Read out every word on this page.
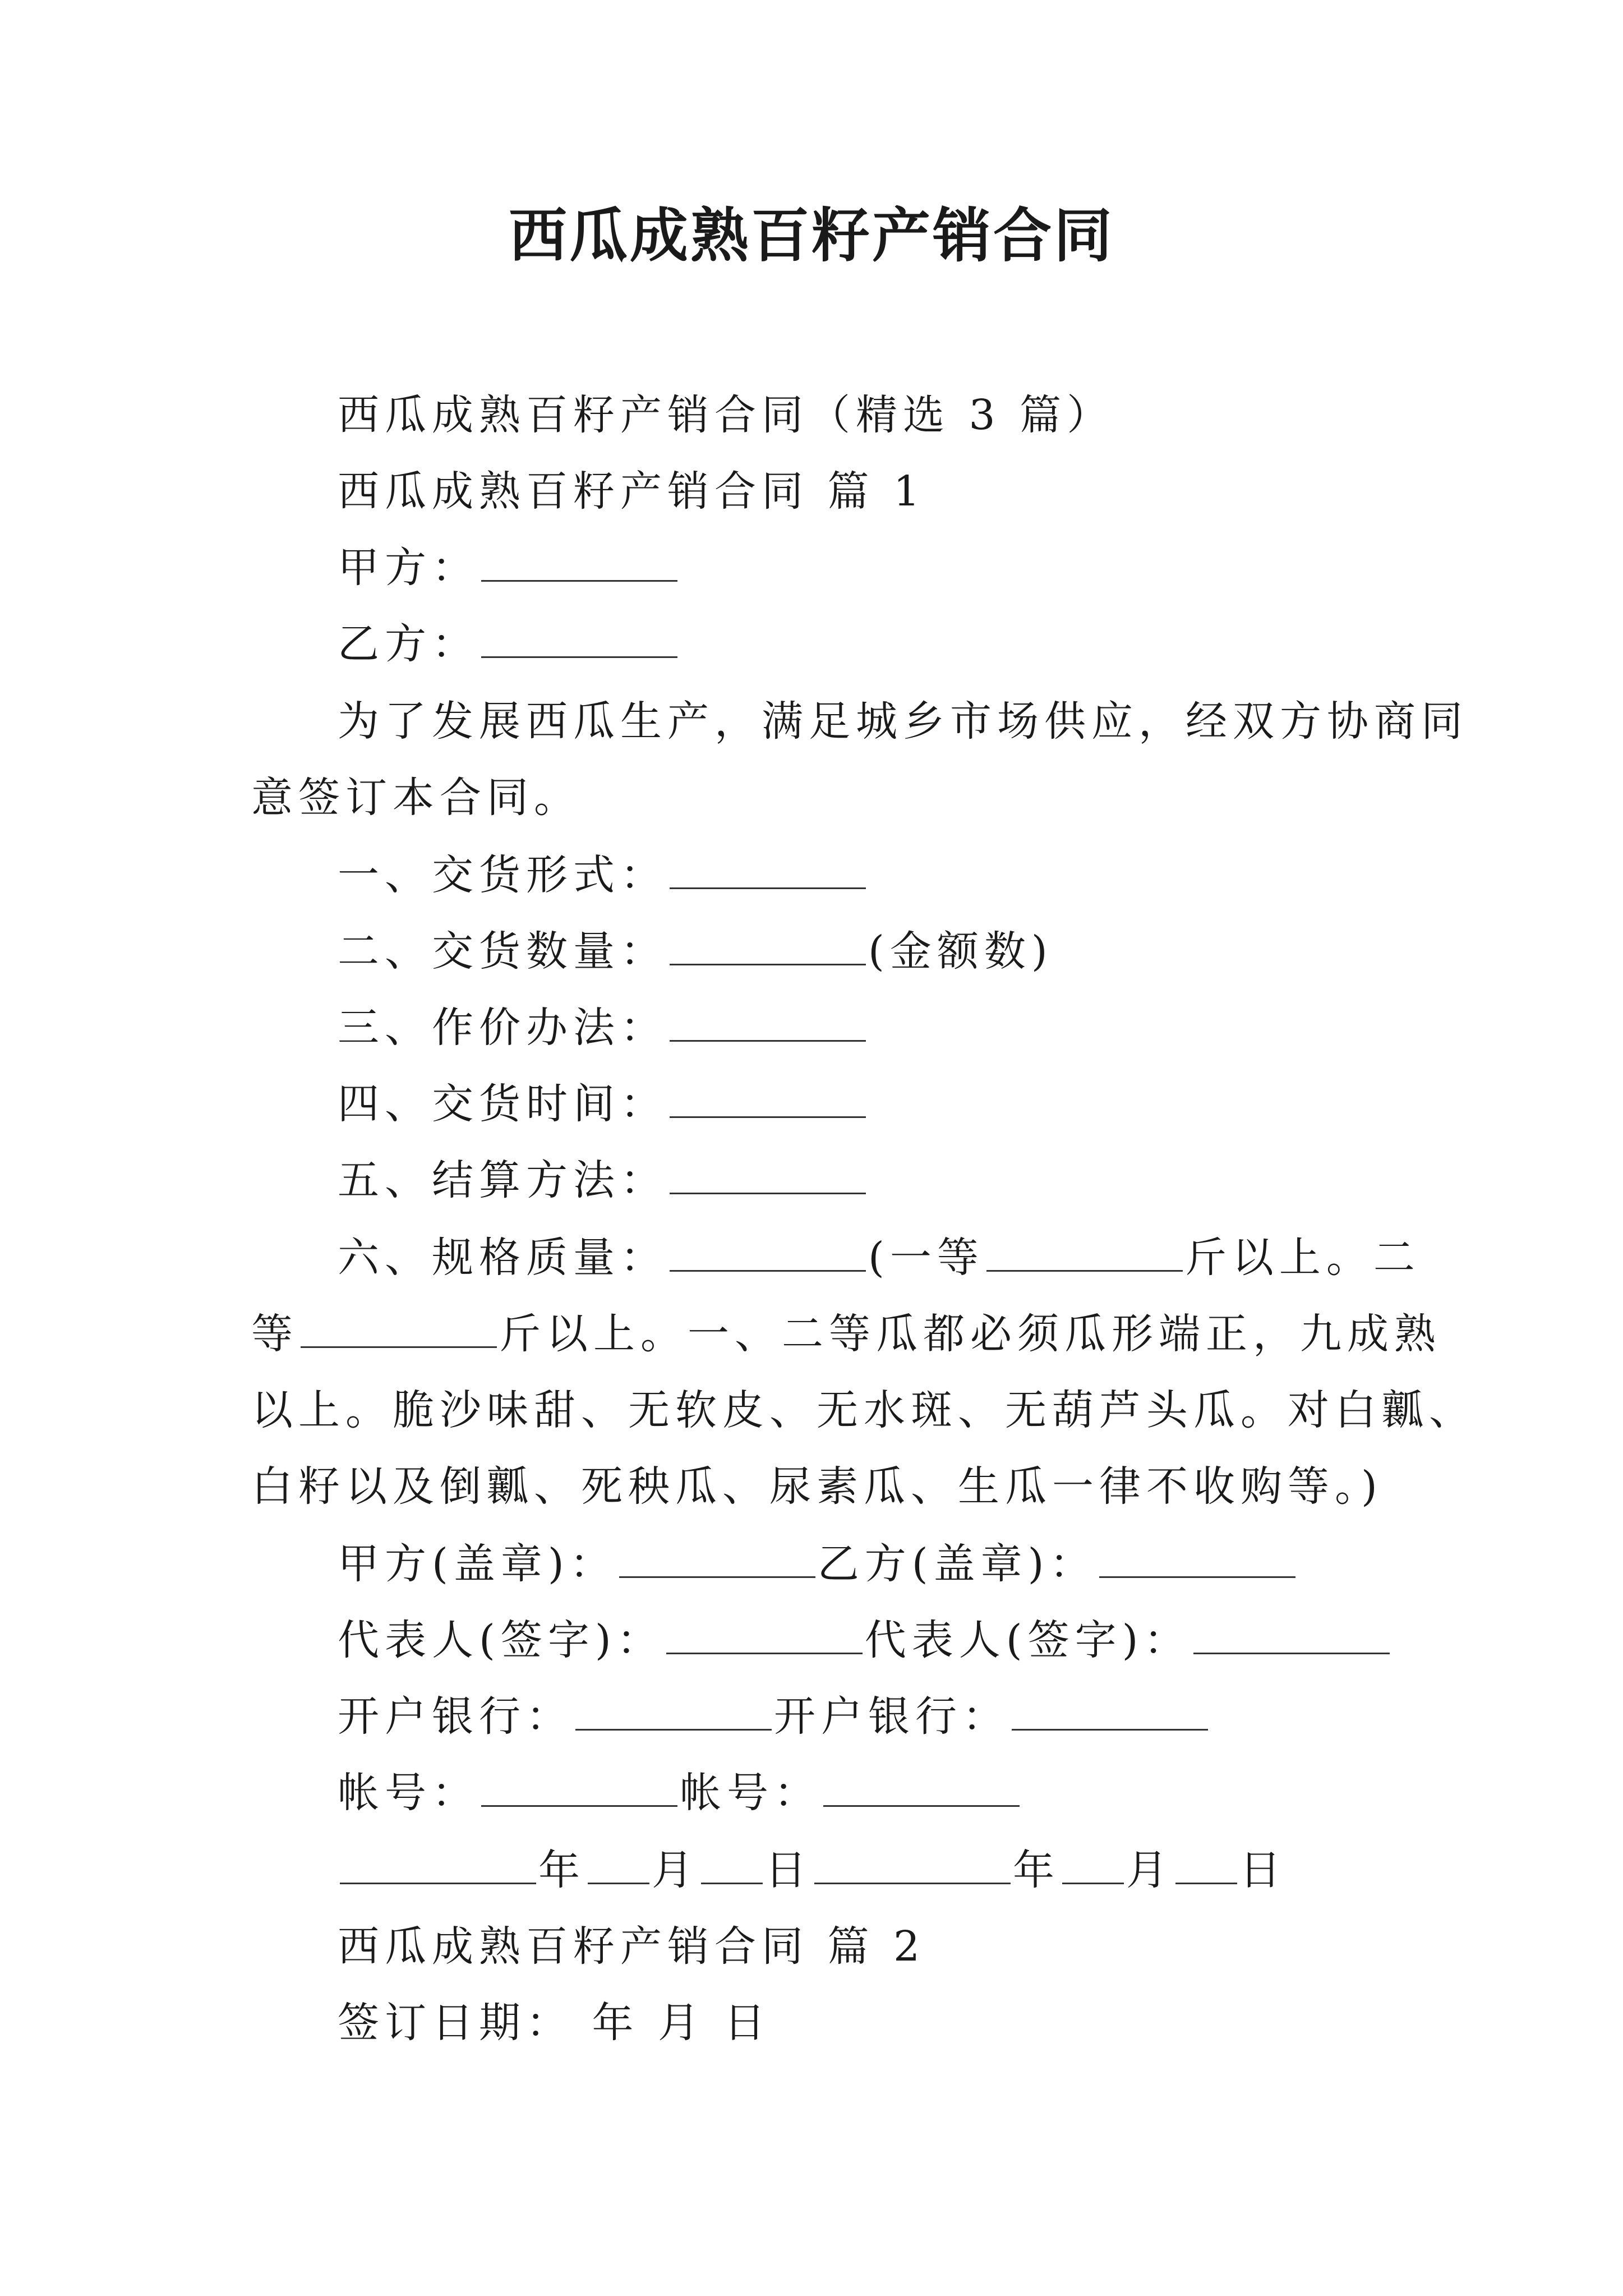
西瓜成熟百籽产销合同
西瓜成熟百籽产销合同（精选 3 篇）
西瓜成熟百籽产销合同 篇 1
甲方：
乙方：
为了发展西瓜生产，满足城乡市场供应，经双方协商同
意签订本合同。
一、交货形式：
二、交货数量：	(金额数)
三、作价办法：
四、交货时间：
五、结算方法：
六、规格质量：	(一等	斤以上。二
等	斤以上。一、二等瓜都必须瓜形端正，九成熟
以上。脆沙味甜、无软皮、无水斑、无葫芦头瓜。对白瓤、
白籽以及倒瓤、死秧瓜、尿素瓜、生瓜一律不收购等。)
甲方(盖章)：	乙方(盖章)：
代表人(签字)：	代表人(签字)：
开户银行：	开户银行：
帐号：	帐号：
年 月 日	年 月 日
西瓜成熟百籽产销合同 篇 2
签订日期： 年 月 日
